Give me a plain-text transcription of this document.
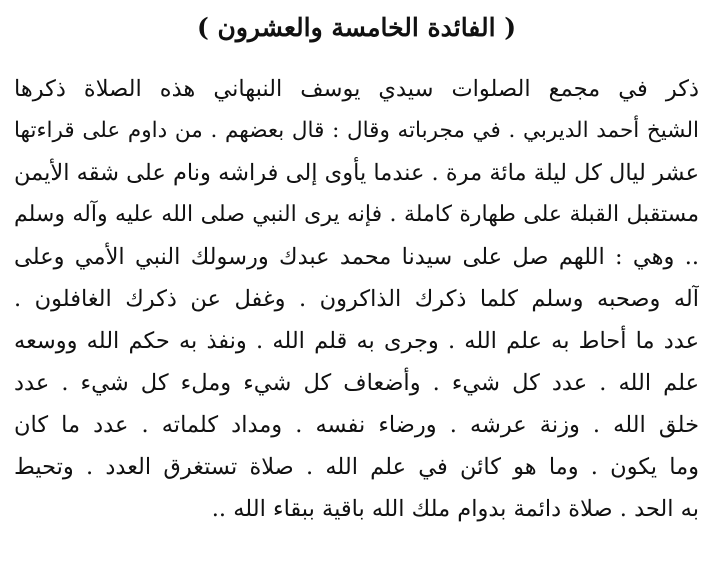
( الفائدة الخامسة والعشرون )
ذكر في مجمع الصلوات سيدي يوسف النبهاني هذه الصلاة ذكرها
الشيخ أحمد الديربي . في مجرباته وقال : قال بعضهم . من داوم على قراءتها
عشر ليال كل ليلة مائة مرة . عندما يأوى إلى فراشه ونام على شقه الأيمن
مستقبل القبلة على طهارة كاملة . فإنه يرى النبي صلى الله عليه وآله وسلم
.. وهي : اللهم صل على سيدنا محمد عبدك ورسولك النبي الأمي وعلى
آله وصحبه وسلم كلما ذكرك الذاكرون . وغفل عن ذكرك الغافلون .
عدد ما أحاط به علم الله . وجرى به قلم الله . ونفذ به حكم الله ووسعه
علم الله . عدد كل شيء . وأضعاف كل شيء وملء كل شيء . عدد
خلق الله . وزنة عرشه . ورضاء نفسه . ومداد كلماته . عدد ما كان
وما يكون . وما هو كائن في علم الله . صلاة تستغرق العدد . وتحيط
به الحد . صلاة دائمة بدوام ملك الله باقية ببقاء الله ..
